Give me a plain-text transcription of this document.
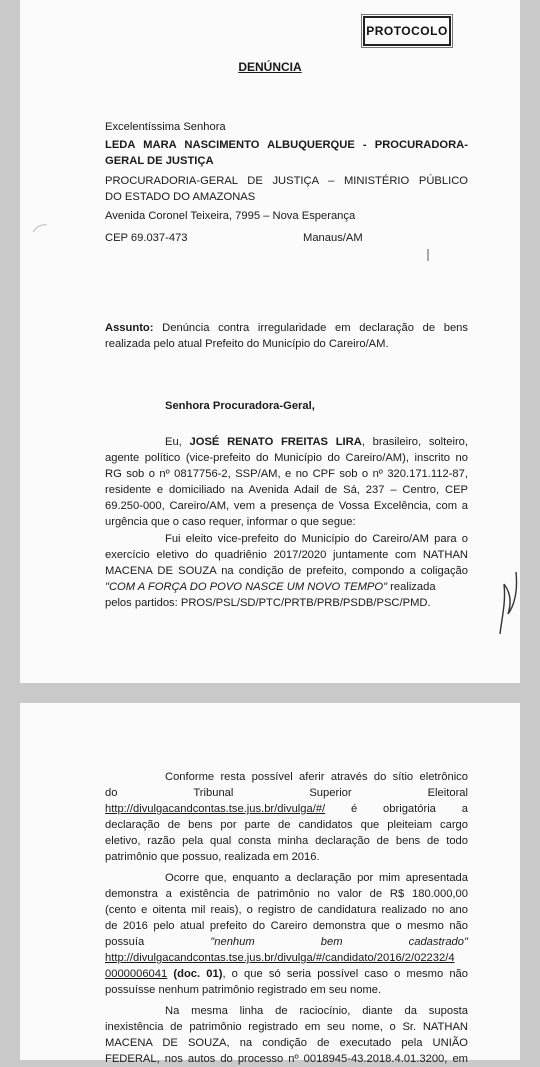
PROTOCOLO
DENÚNCIA
Excelentíssima Senhora
LEDA MARA NASCIMENTO ALBUQUERQUE - PROCURADORA-
GERAL DE JUSTIÇA
PROCURADORIA-GERAL DE JUSTIÇA – MINISTÉRIO PÚBLICO
DO ESTADO DO AMAZONAS
Avenida Coronel Teixeira, 7995 – Nova Esperança
CEP 69.037-473	Manaus/AM
Assunto: Denúncia contra irregularidade em declaração de bens
realizada pelo atual Prefeito do Município do Careiro/AM.
Senhora Procuradora-Geral,
Eu, JOSÉ RENATO FREITAS LIRA, brasileiro, solteiro,
agente político (vice-prefeito do Município do Careiro/AM), inscrito no
RG sob o nº 0817756-2, SSP/AM, e no CPF sob o nº 320.171.112-87,
residente e domiciliado na Avenida Adail de Sá, 237 – Centro, CEP
69.250-000, Careiro/AM, vem a presença de Vossa Excelência, com a
urgência que o caso requer, informar o que segue:
Fui eleito vice-prefeito do Município do Careiro/AM para o
exercício eletivo do quadriênio 2017/2020 juntamente com NATHAN
MACENA DE SOUZA na condição de prefeito, compondo a coligação
"COM A FORÇA DO POVO NASCE UM NOVO TEMPO" realizada
pelos partidos: PROS/PSL/SD/PTC/PRTB/PRB/PSDB/PSC/PMD.
Conforme resta possível aferir através do sítio eletrônico
do	Tribunal	Superior	Eleitoral
http://divulgacandcontas.tse.jus.br/divulga/#/ é obrigatória a
declaração de bens por parte de candidatos que pleiteiam cargo
eletivo, razão pela qual consta minha declaração de bens de todo
patrimônio que possuo, realizada em 2016.
Ocorre que, enquanto a declaração por mim apresentada
demonstra a existência de patrimônio no valor de R$ 180.000,00
(cento e oitenta mil reais), o registro de candidatura realizado no ano
de 2016 pelo atual prefeito do Careiro demonstra que o mesmo não
possuía	"nenhum	bem	cadastrado"
http://divulgacandcontas.tse.jus.br/divulga/#/candidato/2016/2/02232/4
0000006041 (doc. 01), o que só seria possível caso o mesmo não
possuísse nenhum patrimônio registrado em seu nome.
Na mesma linha de raciocínio, diante da suposta
inexistência de patrimônio registrado em seu nome, o Sr. NATHAN
MACENA DE SOUZA, na condição de executado pela UNIÃO
FEDERAL, nos autos do processo nº 0018945-43.2018.4.01.3200, em
